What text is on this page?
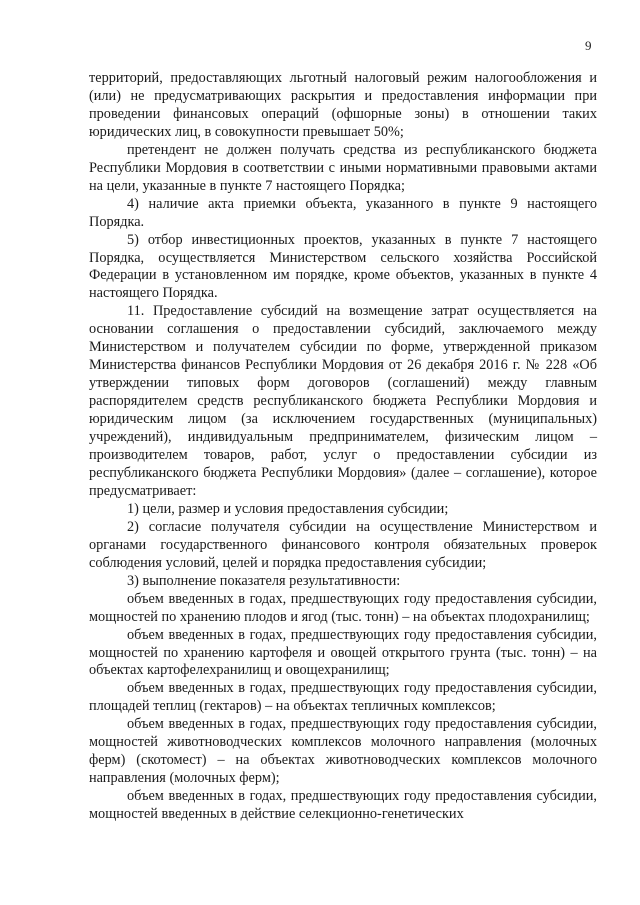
9

территорий, предоставляющих льготный налоговый режим налогообложения и (или) не предусматривающих раскрытия и предоставления информации при проведении финансовых операций (офшорные зоны) в отношении таких юридических лиц, в совокупности превышает 50%;

претендент не должен получать средства из республиканского бюджета Республики Мордовия в соответствии с иными нормативными правовыми актами на цели, указанные в пункте 7 настоящего Порядка;

4) наличие акта приемки объекта, указанного в пункте 9 настоящего Порядка.

5) отбор инвестиционных проектов, указанных в пункте 7 настоящего Порядка, осуществляется Министерством сельского хозяйства Российской Федерации в установленном им порядке, кроме объектов, указанных в пункте 4 настоящего Порядка.

11. Предоставление субсидий на возмещение затрат осуществляется на основании соглашения о предоставлении субсидий, заключаемого между Министерством и получателем субсидии по форме, утвержденной приказом Министерства финансов Республики Мордовия от 26 декабря 2016 г. № 228 «Об утверждении типовых форм договоров (соглашений) между главным распорядителем средств республиканского бюджета Республики Мордовия и юридическим лицом (за исключением государственных (муниципальных) учреждений), индивидуальным предпринимателем, физическим лицом – производителем товаров, работ, услуг о предоставлении субсидии из республиканского бюджета Республики Мордовия» (далее – соглашение), которое предусматривает:

1) цели, размер и условия предоставления субсидии;

2) согласие получателя субсидии на осуществление Министерством и органами государственного финансового контроля обязательных проверок соблюдения условий, целей и порядка предоставления субсидии;

3) выполнение показателя результативности:

объем введенных в годах, предшествующих году предоставления субсидии, мощностей по хранению плодов и ягод (тыс. тонн) – на объектах плодохранилищ;

объем введенных в годах, предшествующих году предоставления субсидии, мощностей по хранению картофеля и овощей открытого грунта (тыс. тонн) – на объектах картофелехранилищ и овощехранилищ;

объем введенных в годах, предшествующих году предоставления субсидии, площадей теплиц (гектаров) – на объектах тепличных комплексов;

объем введенных в годах, предшествующих году предоставления субсидии, мощностей животноводческих комплексов молочного направления (молочных ферм) (скотомест) – на объектах животноводческих комплексов молочного направления (молочных ферм);

объем введенных в годах, предшествующих году предоставления субсидии, мощностей введенных в действие селекционно-генетических
